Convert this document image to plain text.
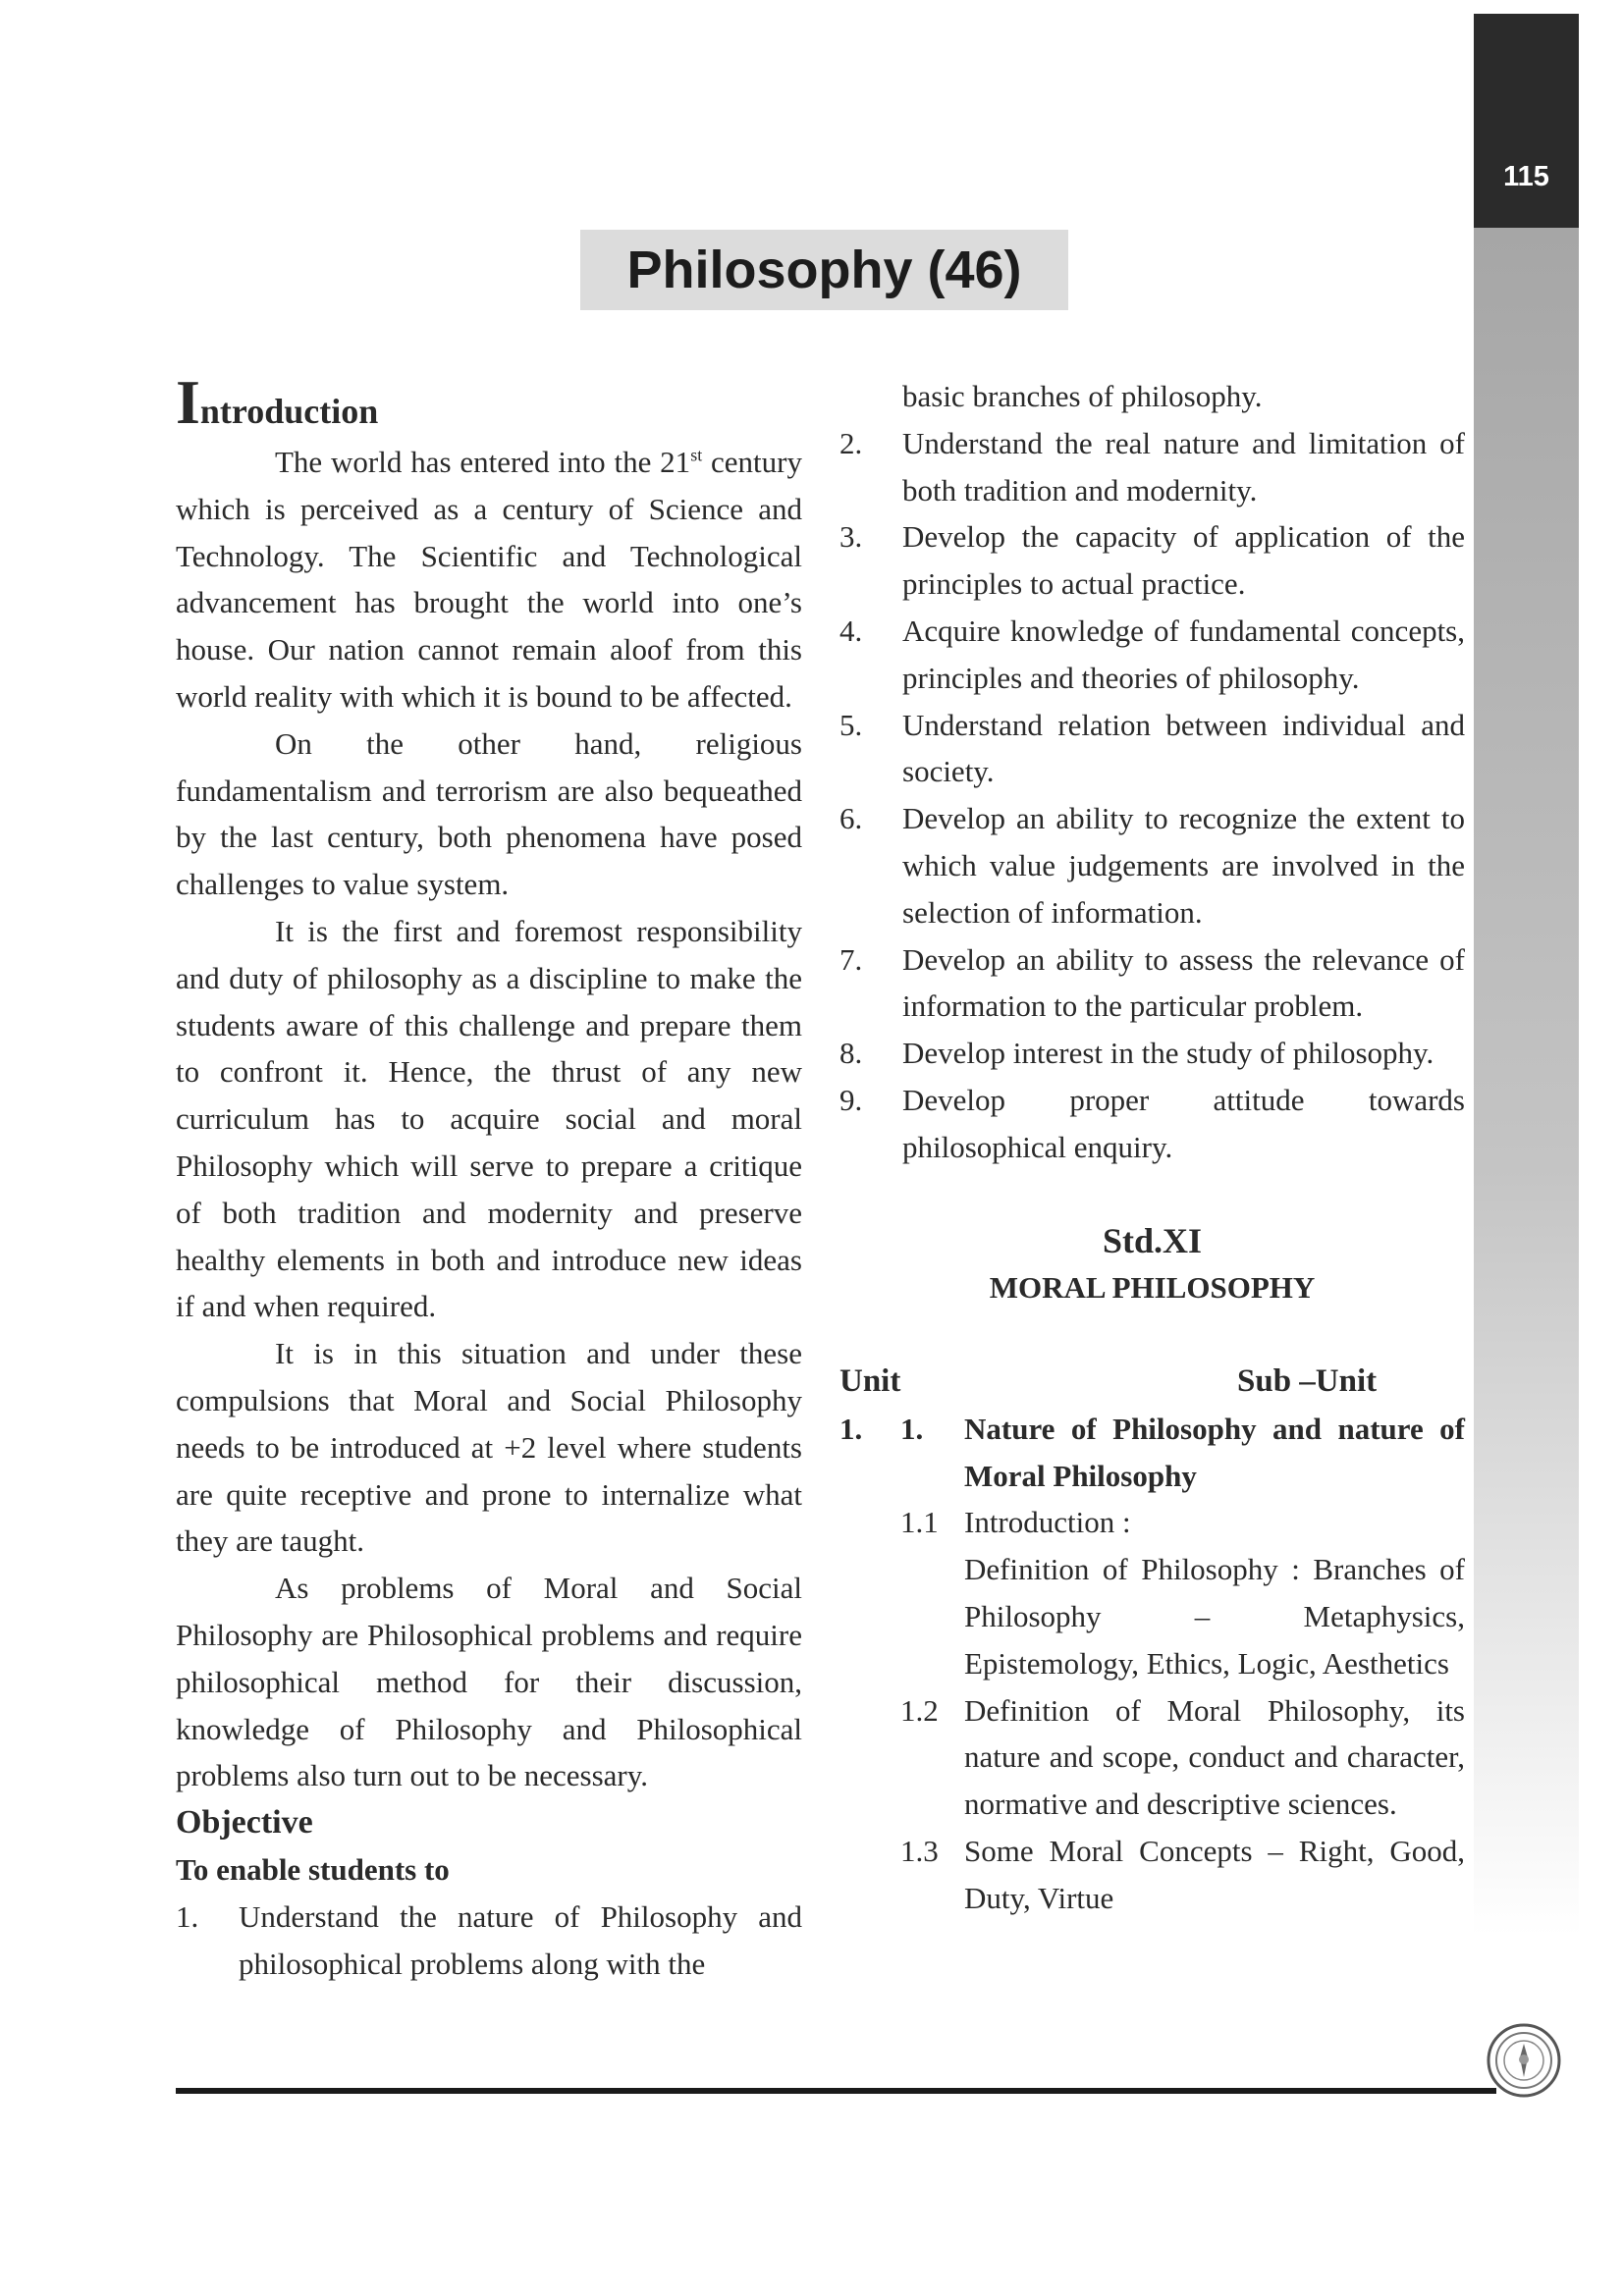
115
Philosophy (46)
Introduction

The world has entered into the 21st century which is perceived as a century of Science and Technology. The Scientific and Technological advancement has brought the world into one’s house. Our nation cannot remain aloof from this world reality with which it is bound to be affected.

On the other hand, religious fundamentalism and terrorism are also bequeathed by the last century, both phenomena have posed challenges to value system.

It is the first and foremost responsibility and duty of philosophy as a discipline to make the students aware of this challenge and prepare them to confront it. Hence, the thrust of any new curriculum has to acquire social and moral Philosophy which will serve to prepare a critique of both tradition and modernity and preserve healthy elements in both and introduce new ideas if and when required.

It is in this situation and under these compulsions that Moral and Social Philosophy needs to be introduced at +2 level where students are quite receptive and prone to internalize what they are taught.

As problems of Moral and Social Philosophy are Philosophical problems and require philosophical method for their discussion, knowledge of Philosophy and Philosophical problems also turn out to be necessary.

Objective
To enable students to
1. Understand the nature of Philosophy and philosophical problems along with the
basic branches of philosophy.
2. Understand the real nature and limitation of both tradition and modernity.
3. Develop the capacity of application of the principles to actual practice.
4. Acquire knowledge of fundamental concepts, principles and theories of philosophy.
5. Understand relation between individual and society.
6. Develop an ability to recognize the extent to which value judgements are involved in the selection of information.
7. Develop an ability to assess the relevance of information to the particular problem.
8. Develop interest in the study of philosophy.
9. Develop proper attitude towards philosophical enquiry.
Std.XI
MORAL PHILOSOPHY
Unit	Sub –Unit
1. 1. Nature of Philosophy and nature of Moral Philosophy
1.1 Introduction :
Definition of Philosophy : Branches of Philosophy – Metaphysics, Epistemology, Ethics, Logic, Aesthetics
1.2 Definition of Moral Philosophy, its nature and scope, conduct and character, normative and descriptive sciences.
1.3 Some Moral Concepts – Right, Good, Duty, Virtue
